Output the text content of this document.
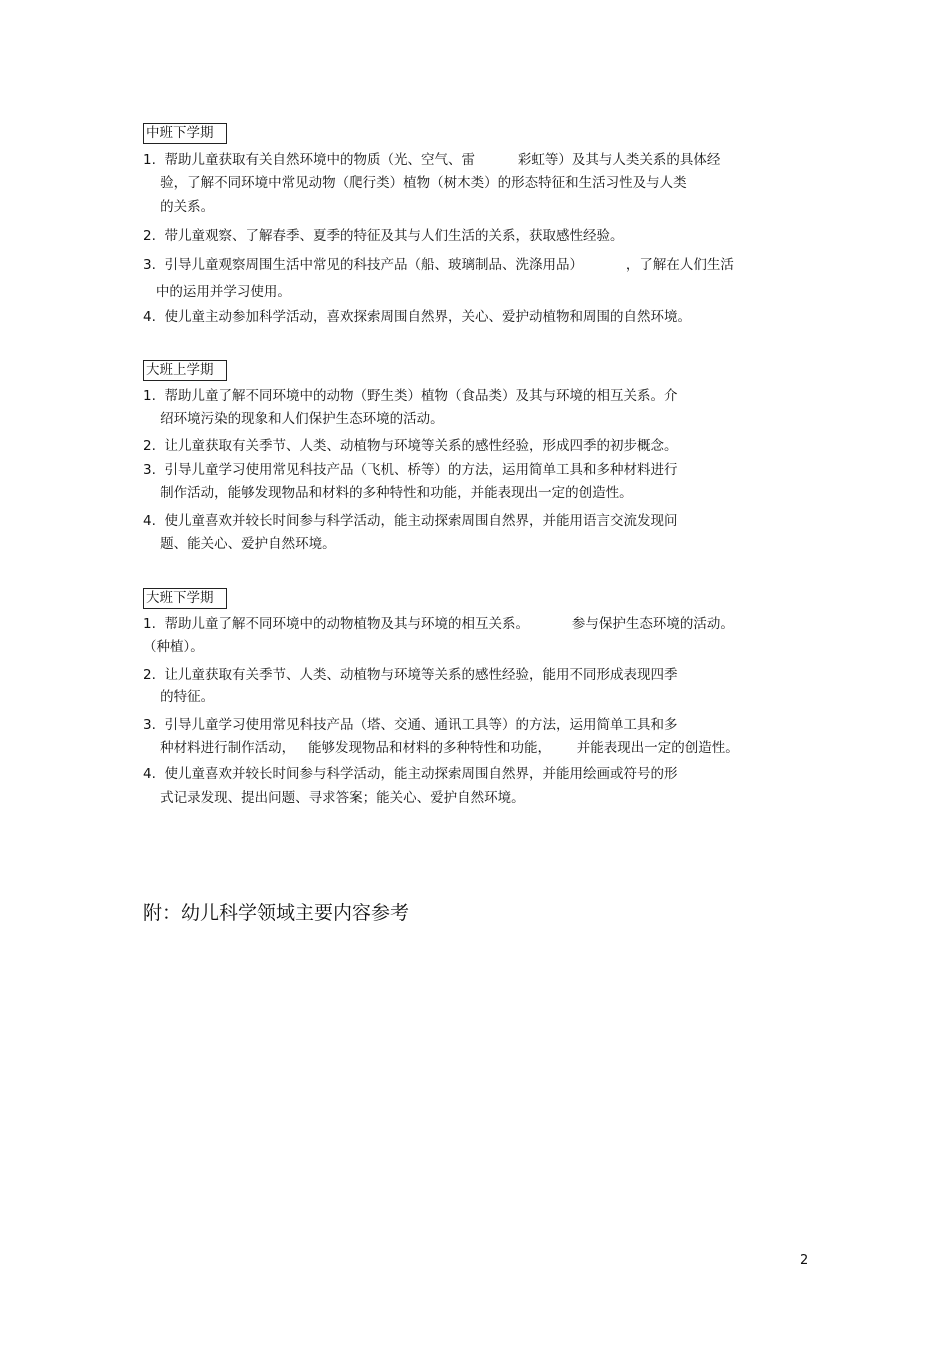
中班下学期
1.  帮助儿童获取有关自然环境中的物质（光、空气、雷          彩虹等）及其与人类关系的具体经
验，了解不同环境中常见动物（爬行类）植物（树木类）的形态特征和生活习性及与人类
的关系。
2.  带儿童观察、了解春季、夏季的特征及其与人们生活的关系，获取感性经验。
3.  引导儿童观察周围生活中常见的科技产品（船、玻璃制品、洗涤用品）          ，了解在人们生活
中的运用并学习使用。
4.  使儿童主动参加科学活动，喜欢探索周围自然界，关心、爱护动植物和周围的自然环境。
大班上学期
1.  帮助儿童了解不同环境中的动物（野生类）植物（食品类）及其与环境的相互关系。介
绍环境污染的现象和人们保护生态环境的活动。
2.  让儿童获取有关季节、人类、动植物与环境等关系的感性经验，形成四季的初步概念。
3.  引导儿童学习使用常见科技产品（飞机、桥等）的方法，运用简单工具和多种材料进行
制作活动，能够发现物品和材料的多种特性和功能，并能表现出一定的创造性。
4.  使儿童喜欢并较长时间参与科学活动，能主动探索周围自然界，并能用语言交流发现问
题、能关心、爱护自然环境。
大班下学期
1.  帮助儿童了解不同环境中的动物植物及其与环境的相互关系。          参与保护生态环境的活动。
（种植）。
2.  让儿童获取有关季节、人类、动植物与环境等关系的感性经验，能用不同形成表现四季
的特征。
3.  引导儿童学习使用常见科技产品（塔、交通、通讯工具等）的方法，运用简单工具和多
种材料进行制作活动，   能够发现物品和材料的多种特性和功能，      并能表现出一定的创造性。
4.  使儿童喜欢并较长时间参与科学活动，能主动探索周围自然界，并能用绘画或符号的形
式记录发现、提出问题、寻求答案；能关心、爱护自然环境。
附：幼儿科学领域主要内容参考
2
